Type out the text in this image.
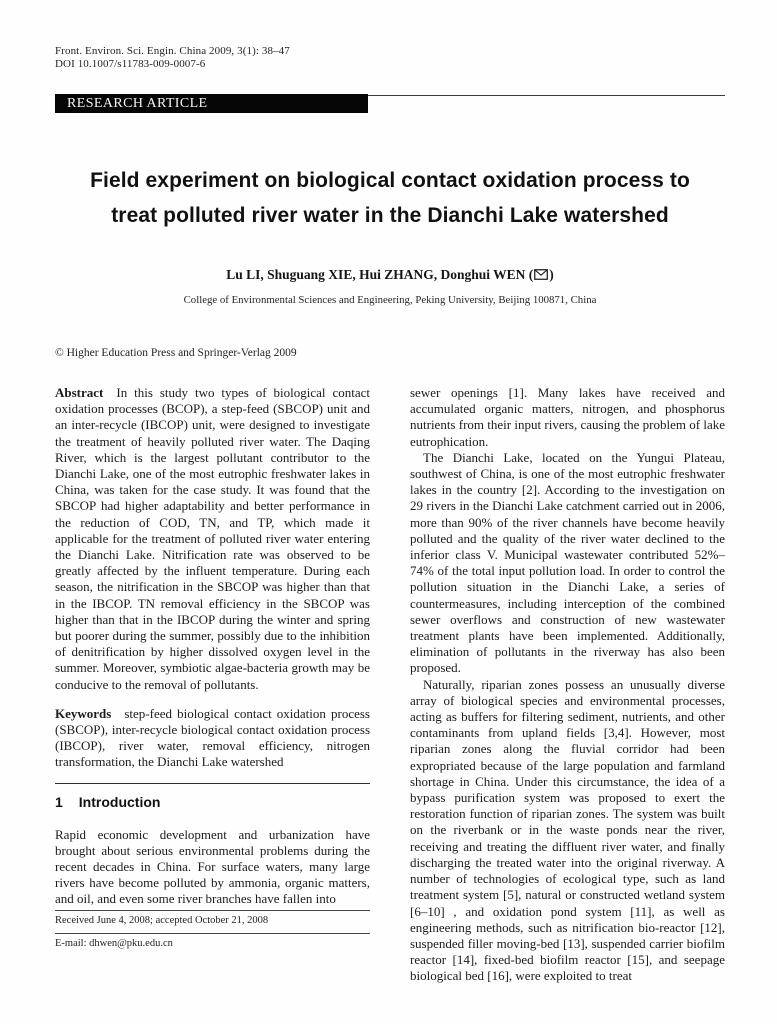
Front. Environ. Sci. Engin. China 2009, 3(1): 38–47
DOI 10.1007/s11783-009-0007-6
RESEARCH ARTICLE
Field experiment on biological contact oxidation process to
treat polluted river water in the Dianchi Lake watershed
Lu LI, Shuguang XIE, Hui ZHANG, Donghui WEN ( )
College of Environmental Sciences and Engineering, Peking University, Beijing 100871, China
© Higher Education Press and Springer-Verlag 2009

Abstract In this study two types of biological contact oxidation processes (BCOP), a step-feed (SBCOP) unit and an inter-recycle (IBCOP) unit, were designed to investigate the treatment of heavily polluted river water. The Daqing River, which is the largest pollutant contributor to the Dianchi Lake, one of the most eutrophic freshwater lakes in China, was taken for the case study. It was found that the SBCOP had higher adaptability and better performance in the reduction of COD, TN, and TP, which made it applicable for the treatment of polluted river water entering the Dianchi Lake. Nitrification rate was observed to be greatly affected by the influent temperature. During each season, the nitrification in the SBCOP was higher than that in the IBCOP. TN removal efficiency in the SBCOP was higher than that in the IBCOP during the winter and spring but poorer during the summer, possibly due to the inhibition of denitrification by higher dissolved oxygen level in the summer. Moreover, symbiotic algae-bacteria growth may be conducive to the removal of pollutants.

Keywords step-feed biological contact oxidation process (SBCOP), inter-recycle biological contact oxidation process (IBCOP), river water, removal efficiency, nitrogen transformation, the Dianchi Lake watershed

1 Introduction

Rapid economic development and urbanization have brought about serious environmental problems during the recent decades in China. For surface waters, many large rivers have become polluted by ammonia, organic matters, and oil, and even some river branches have fallen into

Received June 4, 2008; accepted October 21, 2008
E-mail: dhwen@pku.edu.cn

sewer openings [1]. Many lakes have received and accumulated organic matters, nitrogen, and phosphorus nutrients from their input rivers, causing the problem of lake eutrophication.

The Dianchi Lake, located on the Yungui Plateau, southwest of China, is one of the most eutrophic freshwater lakes in the country [2]. According to the investigation on 29 rivers in the Dianchi Lake catchment carried out in 2006, more than 90% of the river channels have become heavily polluted and the quality of the river water declined to the inferior class V. Municipal wastewater contributed 52%–74% of the total input pollution load. In order to control the pollution situation in the Dianchi Lake, a series of countermeasures, including interception of the combined sewer overflows and construction of new wastewater treatment plants have been implemented. Additionally, elimination of pollutants in the riverway has also been proposed.

Naturally, riparian zones possess an unusually diverse array of biological species and environmental processes, acting as buffers for filtering sediment, nutrients, and other contaminants from upland fields [3,4]. However, most riparian zones along the fluvial corridor had been expropriated because of the large population and farmland shortage in China. Under this circumstance, the idea of a bypass purification system was proposed to exert the restoration function of riparian zones. The system was built on the riverbank or in the waste ponds near the river, receiving and treating the diffluent river water, and finally discharging the treated water into the original riverway. A number of technologies of ecological type, such as land treatment system [5], natural or constructed wetland system [6–10] , and oxidation pond system [11], as well as engineering methods, such as nitrification bio-reactor [12], suspended filler moving-bed [13], suspended carrier biofilm reactor [14], fixed-bed biofilm reactor [15], and seepage biological bed [16], were exploited to treat
